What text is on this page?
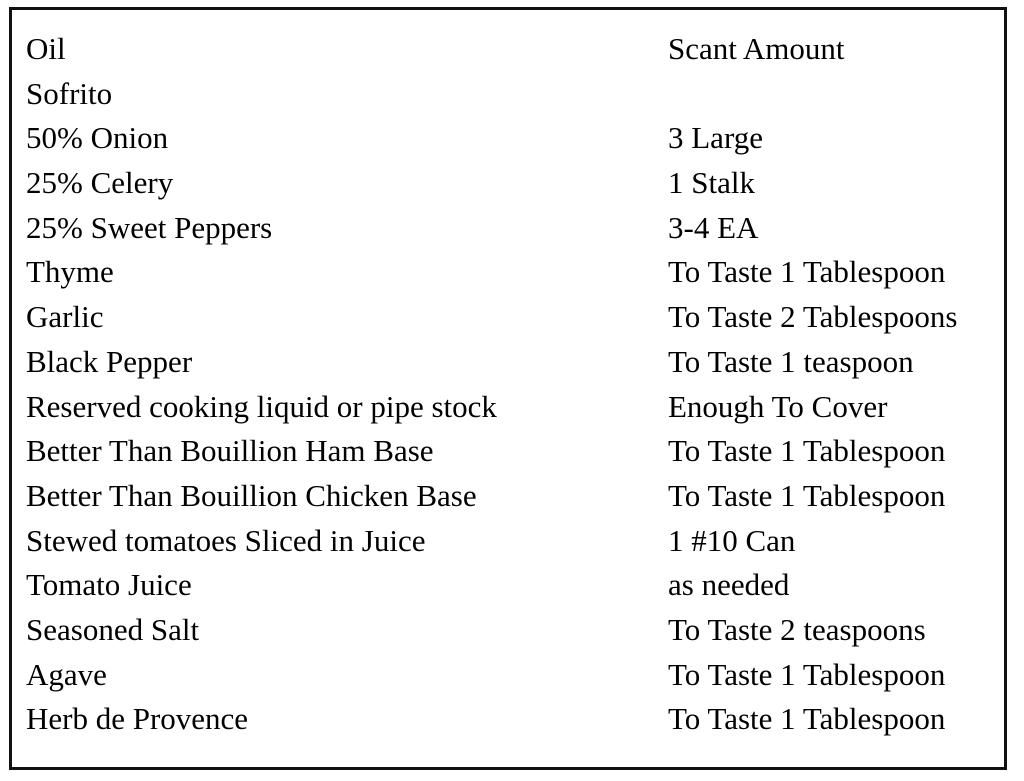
Oil	Scant Amount
Sofrito
50% Onion	3 Large
25% Celery	1 Stalk
25% Sweet Peppers	3-4 EA
Thyme	To Taste 1 Tablespoon
Garlic	To Taste 2 Tablespoons
Black Pepper	To Taste 1 teaspoon
Reserved cooking liquid or pipe stock	Enough To Cover
Better Than Bouillion Ham Base	To Taste 1 Tablespoon
Better Than Bouillion Chicken Base	To Taste 1 Tablespoon
Stewed tomatoes Sliced in Juice	1 #10 Can
Tomato Juice	as needed
Seasoned Salt	To Taste 2 teaspoons
Agave	To Taste 1 Tablespoon
Herb de Provence	To Taste 1 Tablespoon
